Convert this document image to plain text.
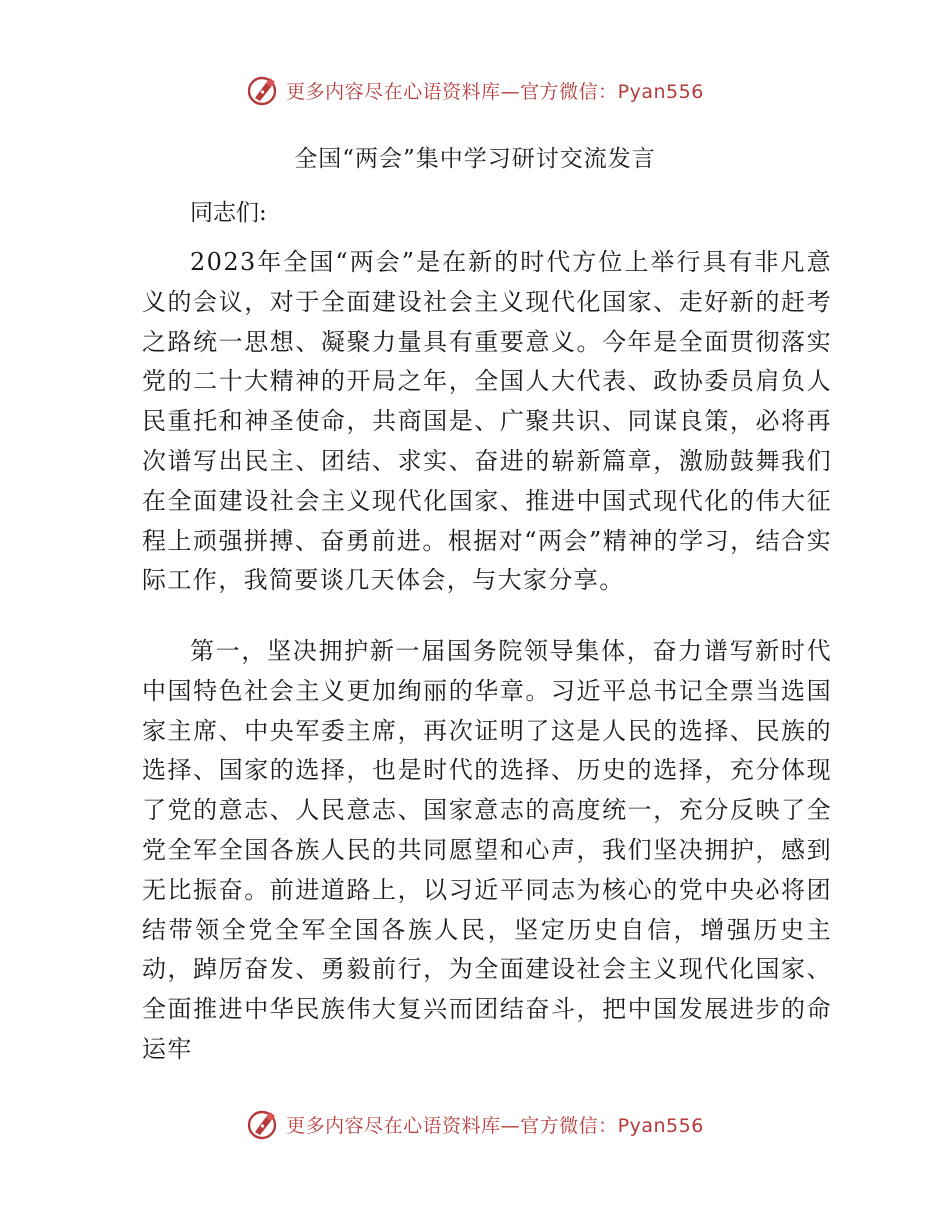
更多内容尽在心语资料库—官方微信：Pyan556
全国“两会”集中学习研讨交流发言
同志们:

2023年全国“两会”是在新的时代方位上举行具有非凡意义的会议，对于全面建设社会主义现代化国家、走好新的赶考之路统一思想、凝聚力量具有重要意义。今年是全面贯彻落实党的二十大精神的开局之年，全国人大代表、政协委员肩负人民重托和神圣使命，共商国是、广聚共识、同谋良策，必将再次谱写出民主、团结、求实、奋进的崭新篇章，激励鼓舞我们在全面建设社会主义现代化国家、推进中国式现代化的伟大征程上顽强拼搏、奋勇前进。根据对“两会”精神的学习，结合实际工作，我简要谈几天体会，与大家分享。

第一，坚决拥护新一届国务院领导集体，奋力谱写新时代中国特色社会主义更加绚丽的华章。习近平总书记全票当选国家主席、中央军委主席，再次证明了这是人民的选择、民族的选择、国家的选择，也是时代的选择、历史的选择，充分体现了党的意志、人民意志、国家意志的高度统一，充分反映了全党全军全国各族人民的共同愿望和心声，我们坚决拥护，感到无比振奋。前进道路上，以习近平同志为核心的党中央必将团结带领全党全军全国各族人民，坚定历史自信，增强历史主动，踔厉奋发、勇毅前行，为全面建设社会主义现代化国家、全面推进中华民族伟大复兴而团结奋斗，把中国发展进步的命运牢

更多内容尽在心语资料库—官方微信：Pyan556
